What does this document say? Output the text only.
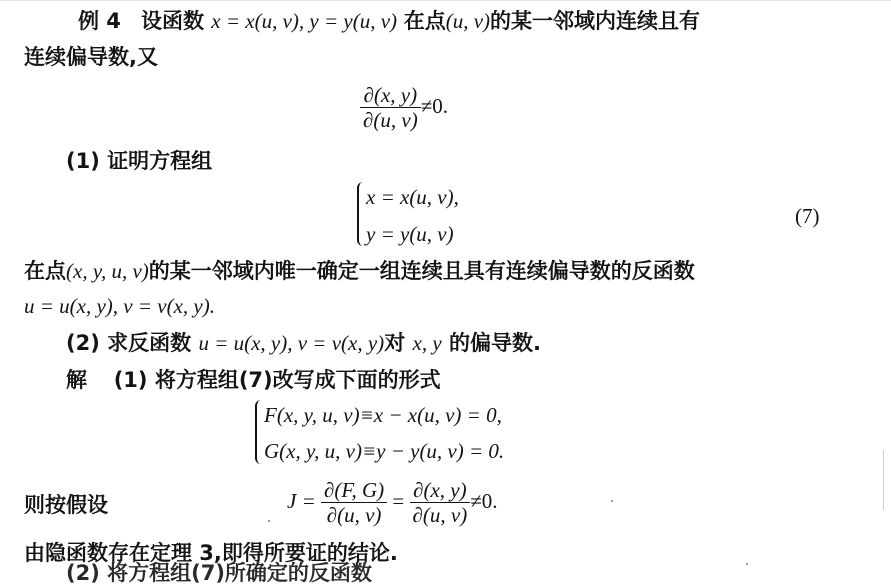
例 4 设函数 x = x(u, v), y = y(u, v) 在点(u, v)的某一邻域内连续且有
连续偏导数,又
$\frac{\partial(x, y)}{\partial(u, v)} \ne 0$.
(1) 证明方程组
x = x(u, v),
y = y(u, v)
(7)
在点(x, y, u, v)的某一邻域内唯一确定一组连续且具有连续偏导数的反函数
u = u(x, y), v = v(x, y).
(2) 求反函数 u = u(x, y), v = v(x, y)对 x, y 的偏导数.
解 (1) 将方程组(7)改写成下面的形式
F(x, y, u, v)≡x − x(u, v) = 0,
G(x, y, u, v)≡y − y(u, v) = 0.
则按假设	$J = \frac{\partial(F, G)}{\partial(u, v)} = \frac{\partial(x, y)}{\partial(u, v)} \ne 0$.
由隐函数存在定理 3,即得所要证的结论.
(2) 将方程组(7)所确定的反函数
